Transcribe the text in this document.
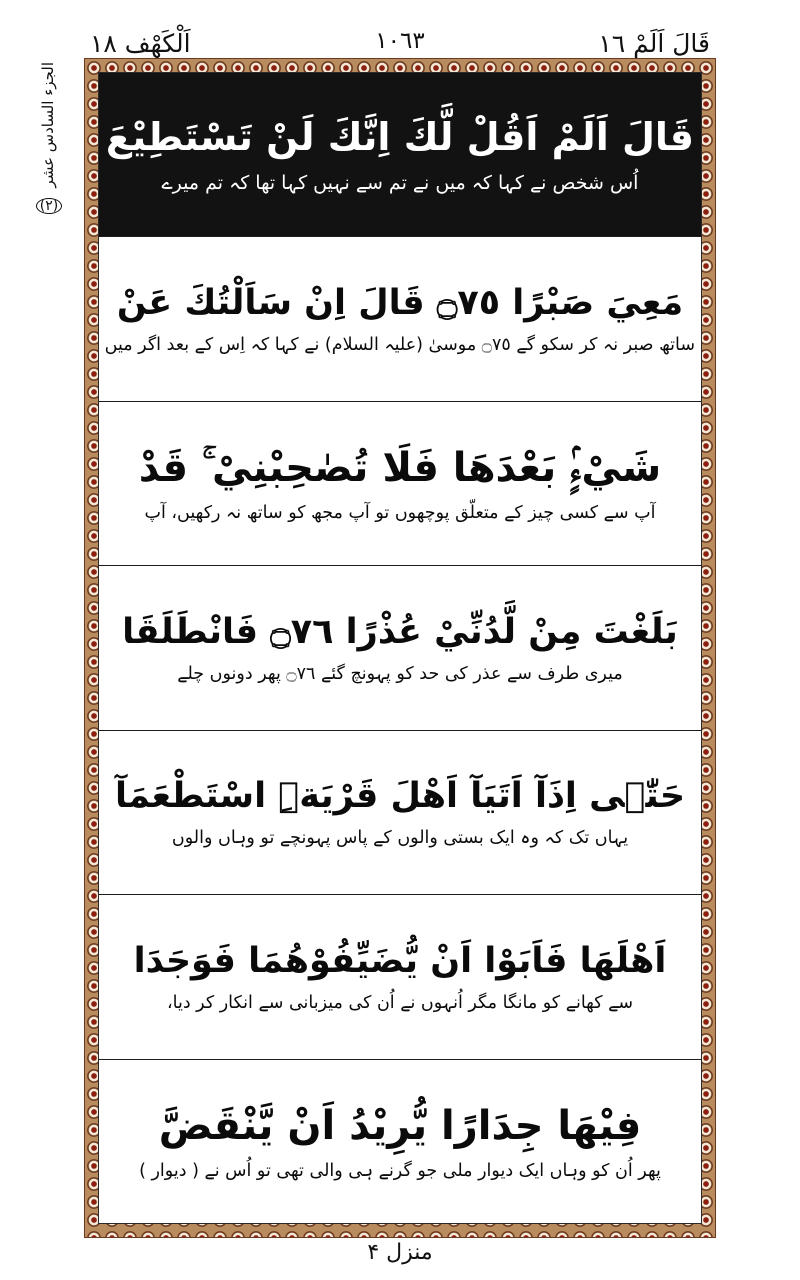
قَالَ اَلَمْ ١٦
١٠٦٣
اَلْكَهْف ١٨
الجزء السادس عشر
(٢)
قَالَ اَلَمْ اَقُلْ لَّكَ اِنَّكَ لَنْ تَسْتَطِيْعَ
اُس شخص نے کہا کہ میں نے تم سے نہیں کہا تھا کہ تم میرے
مَعِيَ صَبْرًا ۝٧٥ قَالَ اِنْ سَاَلْتُكَ عَنْ
ساتھ صبر نہ کر سکو گے ۝٧٥ موسیٰ (علیہ السلام) نے کہا کہ اِس کے بعد اگر میں
شَيْءٍۢ بَعْدَهَا فَلَا تُصٰحِبْنِيْ ۚ قَدْ
آپ سے کسی چیز کے متعلّق پوچھوں تو آپ مجھ کو ساتھ نہ رکھیں، آپ
بَلَغْتَ مِنْ لَّدُنِّيْ عُذْرًا ۝٧٦ فَانْطَلَقَا
میری طرف سے عذر کی حد کو پہونچ گئے ۝٧٦ پھر دونوں چلے
حَتّٰۤى اِذَآ اَتَيَآ اَهْلَ قَرْيَةِۨ اسْتَطْعَمَآ
یہاں تک کہ وہ ایک بستی والوں کے پاس پہونچے تو وہاں والوں
اَهْلَهَا فَاَبَوْا اَنْ يُّضَيِّفُوْهُمَا فَوَجَدَا
سے کھانے کو مانگا مگر اُنہوں نے اُن کی میزبانی سے انکار کر دیا،
فِيْهَا جِدَارًا يُّرِيْدُ اَنْ يَّنْقَضَّ
پھر اُن کو وہاں ایک دیوار ملی جو گرنے ہی والی تھی تو اُس نے ( دیوار )
منزل ۴
